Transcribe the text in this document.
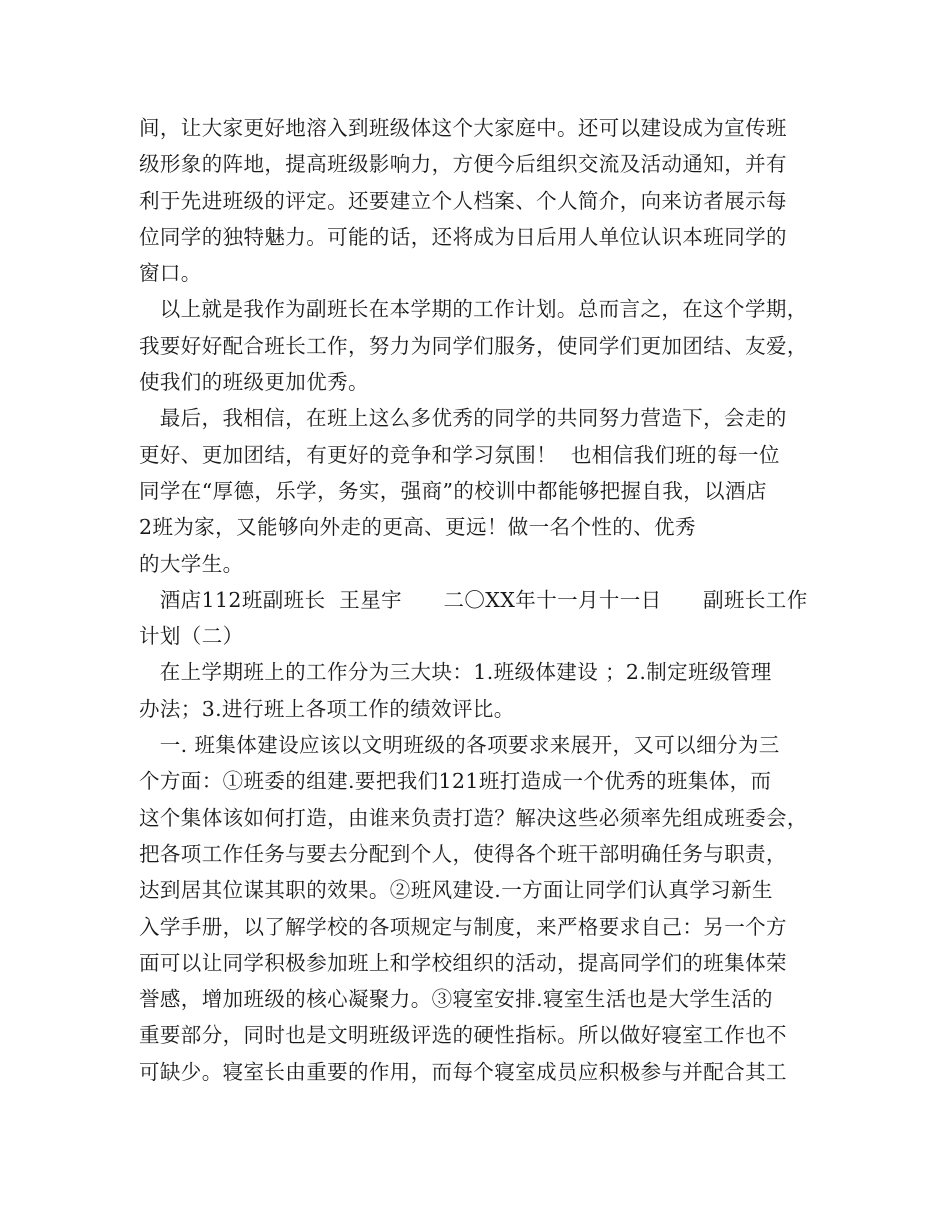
间，让大家更好地溶入到班级体这个大家庭中。还可以建设成为宣传班
级形象的阵地，提高班级影响力，方便今后组织交流及活动通知，并有
利于先进班级的评定。还要建立个人档案、个人简介，向来访者展示每
位同学的独特魅力。可能的话，还将成为日后用人单位认识本班同学的
窗口。
以上就是我作为副班长在本学期的工作计划。总而言之，在这个学期，
我要好好配合班长工作，努力为同学们服务，使同学们更加团结、友爱，
使我们的班级更加优秀。
最后，我相信，在班上这么多优秀的同学的共同努力营造下，会走的
更好、更加团结，有更好的竞争和学习氛围！  也相信我们班的每一位
同学在“厚德，乐学，务实，强商”的校训中都能够把握自我，以酒店
2班为家，又能够向外走的更高、更远！做一名个性的、优秀
的大学生。
酒店112班副班长  王星宇      二〇XX年十一月十一日      副班长工作
计划（二）
在上学期班上的工作分为三大块：1.班级体建设 ；2.制定班级管理
办法；3.进行班上各项工作的绩效评比。
一. 班集体建设应该以文明班级的各项要求来展开，又可以细分为三
个方面：①班委的组建.要把我们121班打造成一个优秀的班集体，而
这个集体该如何打造，由谁来负责打造？解决这些必须率先组成班委会，
把各项工作任务与要去分配到个人，使得各个班干部明确任务与职责，
达到居其位谋其职的效果。②班风建设.一方面让同学们认真学习新生
入学手册，以了解学校的各项规定与制度，来严格要求自己：另一个方
面可以让同学积极参加班上和学校组织的活动，提高同学们的班集体荣
誉感，增加班级的核心凝聚力。③寝室安排.寝室生活也是大学生活的
重要部分，同时也是文明班级评选的硬性指标。所以做好寝室工作也不
可缺少。寝室长由重要的作用，而每个寝室成员应积极参与并配合其工
